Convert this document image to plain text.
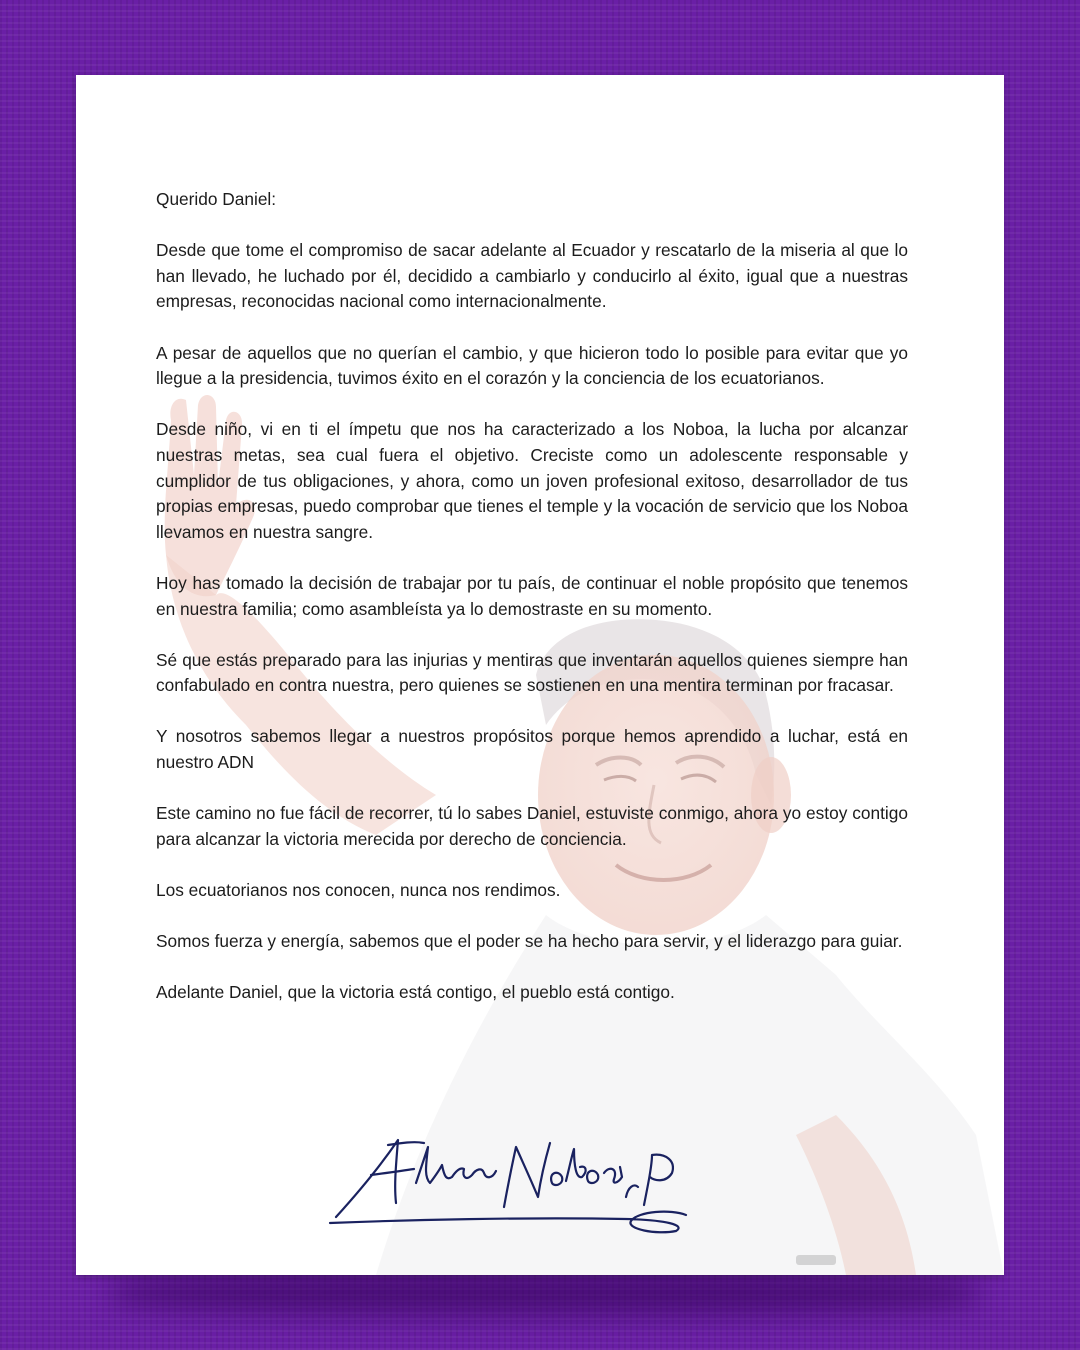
Querido Daniel:

Desde que tome el compromiso de sacar adelante al Ecuador y rescatarlo de la miseria al que lo han llevado, he luchado por él, decidido a cambiarlo y conducirlo al éxito, igual que a nuestras empresas, reconocidas nacional como internacionalmente.

A pesar de aquellos que no querían el cambio, y que hicieron todo lo posible para evitar que yo llegue a la presidencia, tuvimos éxito en el corazón y la conciencia de los ecuatorianos.

Desde niño, vi en ti el ímpetu que nos ha caracterizado a los Noboa, la lucha por alcanzar nuestras metas, sea cual fuera el objetivo. Creciste como un adolescente responsable y cumplidor de tus obligaciones, y ahora, como un joven profesional exitoso, desarrollador de tus propias empresas, puedo comprobar que tienes el temple y la vocación de servicio que los Noboa llevamos en nuestra sangre.

Hoy has tomado la decisión de trabajar por tu país, de continuar el noble propósito que tenemos en nuestra familia; como asambleísta ya lo demostraste en su momento.

Sé que estás preparado para las injurias y mentiras que inventarán aquellos quienes siempre han confabulado en contra nuestra, pero quienes se sostienen en una mentira terminan por fracasar.

Y nosotros sabemos llegar a nuestros propósitos porque hemos aprendido a luchar, está en nuestro ADN

Este camino no fue fácil de recorrer, tú lo sabes Daniel, estuviste conmigo, ahora yo estoy contigo para alcanzar la victoria merecida por derecho de conciencia.

Los ecuatorianos nos conocen, nunca nos rendimos.

Somos fuerza y energía, sabemos que el poder se ha hecho para servir, y el liderazgo para guiar.

Adelante Daniel, que la victoria está contigo, el pueblo está contigo.
